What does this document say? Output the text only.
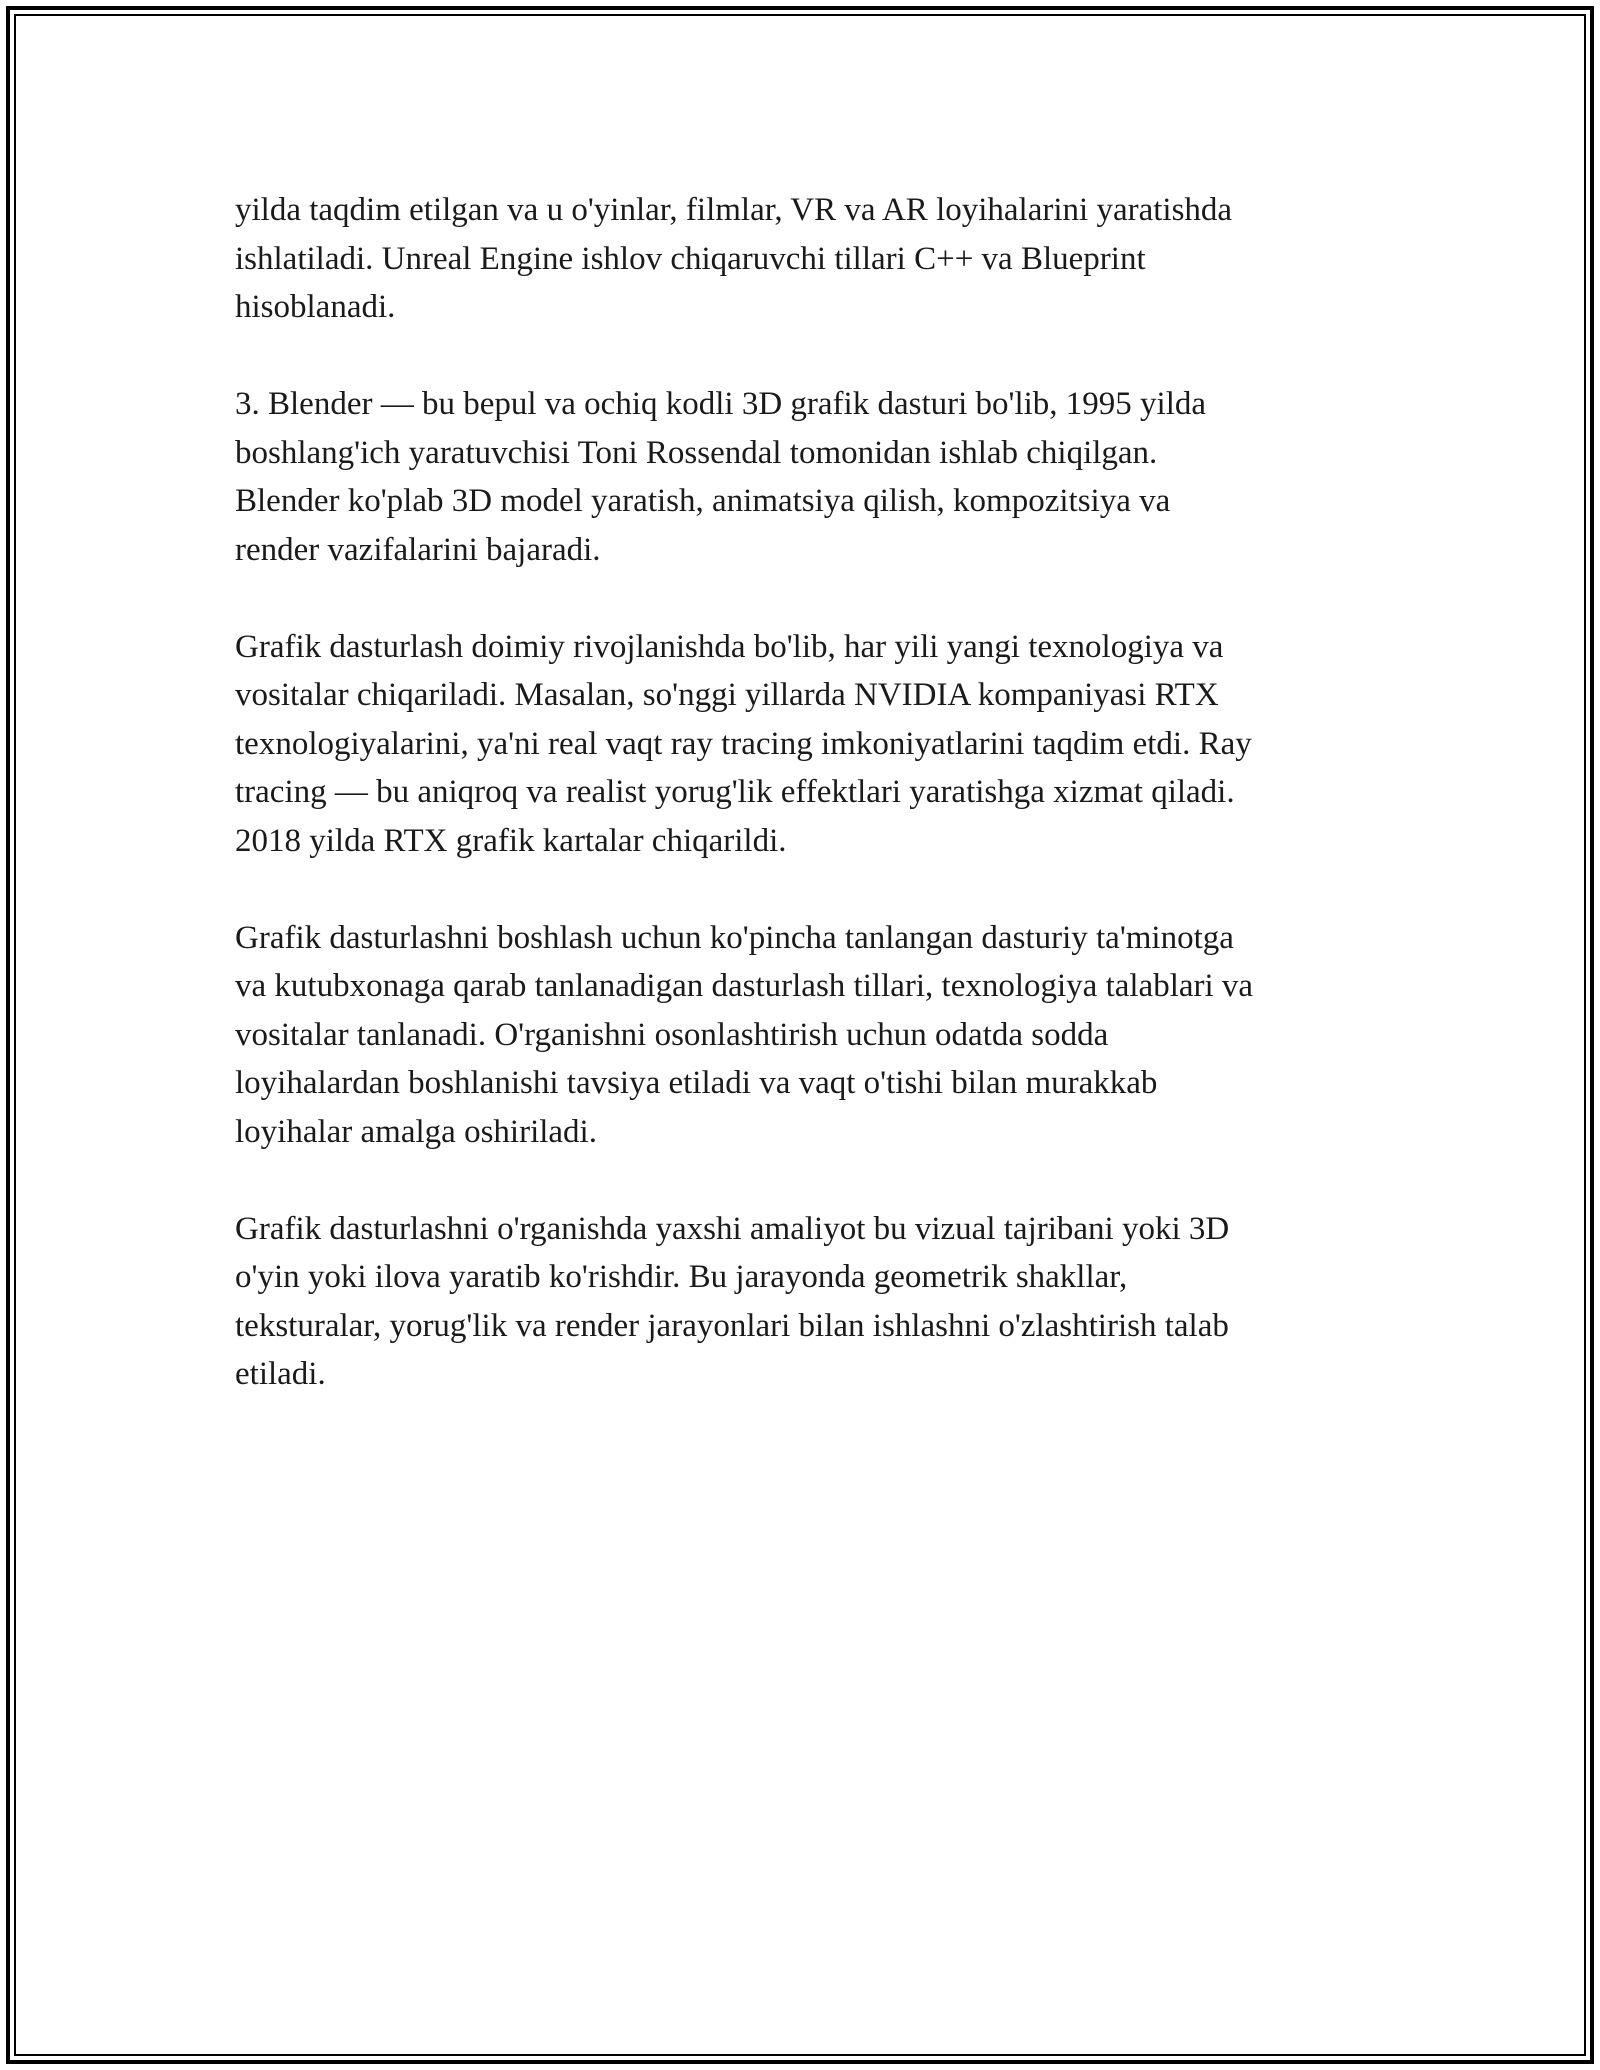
yilda taqdim etilgan va u o'yinlar, filmlar, VR va AR loyihalarini yaratishda
ishlatiladi. Unreal Engine ishlov chiqaruvchi tillari C++ va Blueprint
hisoblanadi.

3. Blender — bu bepul va ochiq kodli 3D grafik dasturi bo'lib, 1995 yilda
boshlang'ich yaratuvchisi Toni Rossendal tomonidan ishlab chiqilgan.
Blender ko'plab 3D model yaratish, animatsiya qilish, kompozitsiya va
render vazifalarini bajaradi.

Grafik dasturlash doimiy rivojlanishda bo'lib, har yili yangi texnologiya va
vositalar chiqariladi. Masalan, so'nggi yillarda NVIDIA kompaniyasi RTX
texnologiyalarini, ya'ni real vaqt ray tracing imkoniyatlarini taqdim etdi. Ray
tracing — bu aniqroq va realist yorug'lik effektlari yaratishga xizmat qiladi.
2018 yilda RTX grafik kartalar chiqarildi.

Grafik dasturlashni boshlash uchun ko'pincha tanlangan dasturiy ta'minotga
va kutubxonaga qarab tanlanadigan dasturlash tillari, texnologiya talablari va
vositalar tanlanadi. O'rganishni osonlashtirish uchun odatda sodda
loyihalardan boshlanishi tavsiya etiladi va vaqt o'tishi bilan murakkab
loyihalar amalga oshiriladi.

Grafik dasturlashni o'rganishda yaxshi amaliyot bu vizual tajribani yoki 3D
o'yin yoki ilova yaratib ko'rishdir. Bu jarayonda geometrik shakllar,
teksturalar, yorug'lik va render jarayonlari bilan ishlashni o'zlashtirish talab
etiladi.
